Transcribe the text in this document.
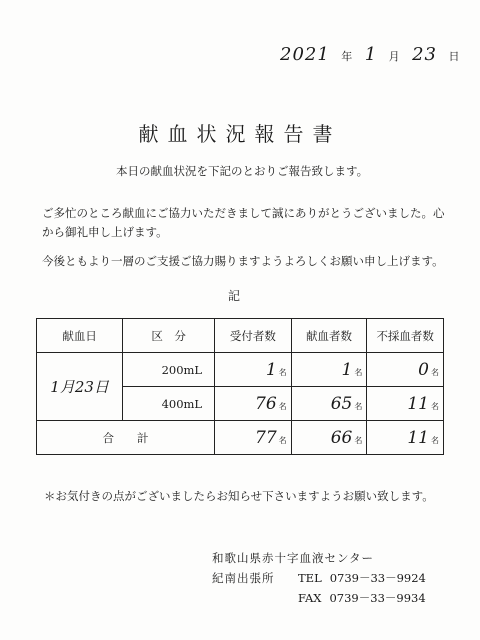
2021 年 1 月 23 日
献血状況報告書
本日の献血状況を下記のとおりご報告致します。
ご多忙のところ献血にご協力いただきまして誠にありがとうございました。心から御礼申し上げます。
今後ともより一層のご支援ご協力賜りますようよろしくお願い申し上げます。
記
献血日	区　分	受付者数	献血者数	不採血者数
1月23日	200mL	1 名	1 名	0 名
	400mL	76 名	65 名	11 名
合　　計		77 名	66 名	11 名
＊お気付きの点がございましたらお知らせ下さいますようお願い致します。
和歌山県赤十字血液センター
紀南出張所	TEL 0739－33－9924
FAX 0739－33－9934
